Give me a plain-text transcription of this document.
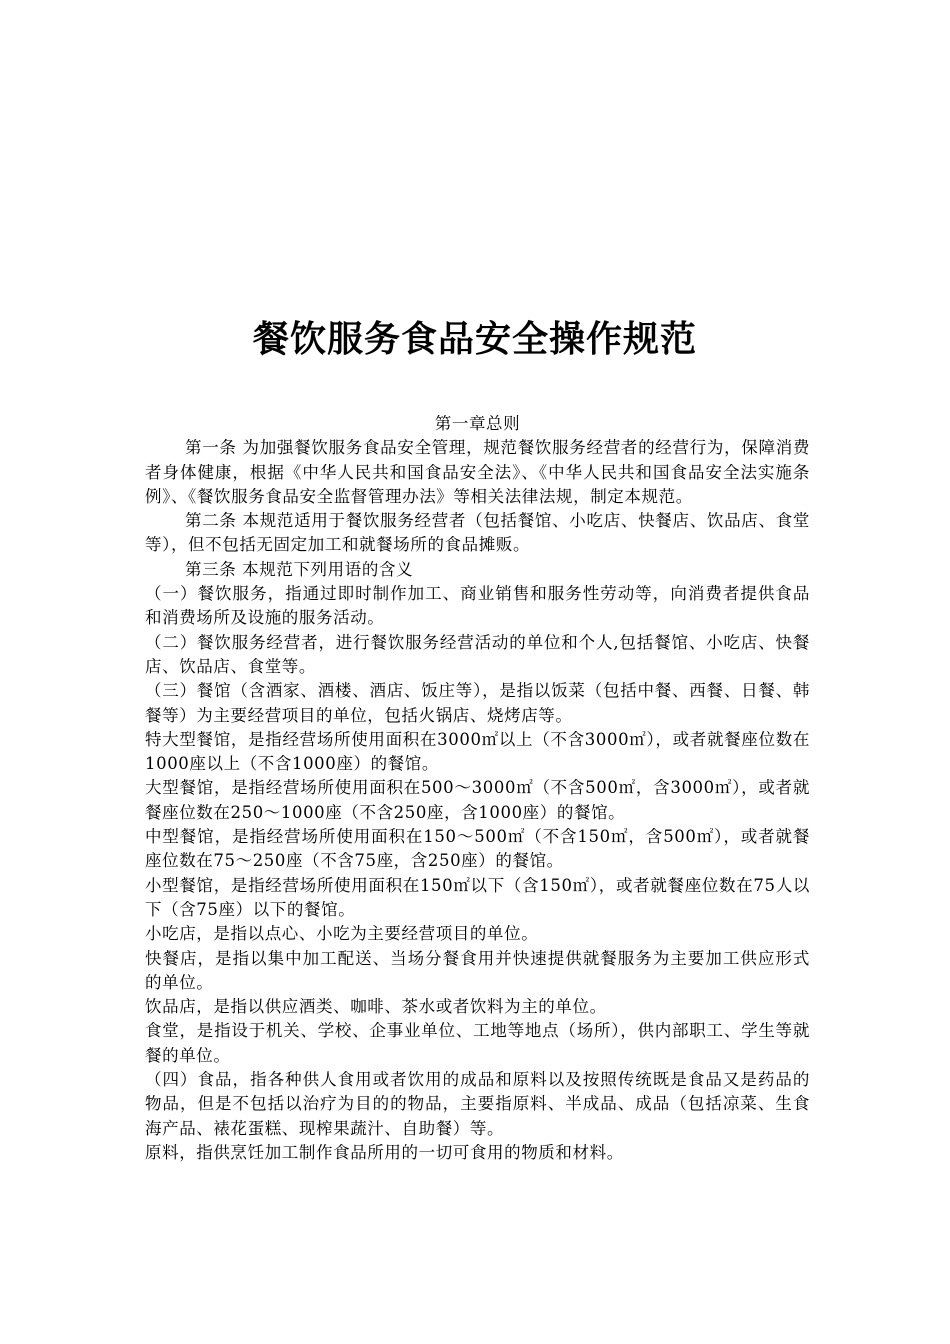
餐饮服务食品安全操作规范

第一章总则

第一条 为加强餐饮服务食品安全管理，规范餐饮服务经营者的经营行为，保障消费者身体健康，根据《中华人民共和国食品安全法》、《中华人民共和国食品安全法实施条例》、《餐饮服务食品安全监督管理办法》等相关法律法规，制定本规范。

第二条 本规范适用于餐饮服务经营者（包括餐馆、小吃店、快餐店、饮品店、食堂等），但不包括无固定加工和就餐场所的食品摊贩。

第三条 本规范下列用语的含义

（一）餐饮服务，指通过即时制作加工、商业销售和服务性劳动等，向消费者提供食品和消费场所及设施的服务活动。

（二）餐饮服务经营者，进行餐饮服务经营活动的单位和个人,包括餐馆、小吃店、快餐店、饮品店、食堂等。

（三）餐馆（含酒家、酒楼、酒店、饭庄等），是指以饭菜（包括中餐、西餐、日餐、韩餐等）为主要经营项目的单位，包括火锅店、烧烤店等。

特大型餐馆，是指经营场所使用面积在3000㎡以上（不含3000㎡），或者就餐座位数在1000座以上（不含1000座）的餐馆。

大型餐馆，是指经营场所使用面积在500～3000㎡（不含500㎡，含3000㎡），或者就餐座位数在250～1000座（不含250座，含1000座）的餐馆。

中型餐馆，是指经营场所使用面积在150～500㎡（不含150㎡，含500㎡），或者就餐座位数在75～250座（不含75座，含250座）的餐馆。

小型餐馆，是指经营场所使用面积在150㎡以下（含150㎡），或者就餐座位数在75人以下（含75座）以下的餐馆。

小吃店，是指以点心、小吃为主要经营项目的单位。

快餐店，是指以集中加工配送、当场分餐食用并快速提供就餐服务为主要加工供应形式的单位。

饮品店，是指以供应酒类、咖啡、茶水或者饮料为主的单位。

食堂，是指设于机关、学校、企事业单位、工地等地点（场所），供内部职工、学生等就餐的单位。

（四）食品，指各种供人食用或者饮用的成品和原料以及按照传统既是食品又是药品的物品，但是不包括以治疗为目的的物品，主要指原料、半成品、成品（包括凉菜、生食海产品、裱花蛋糕、现榨果蔬汁、自助餐）等。

原料，指供烹饪加工制作食品所用的一切可食用的物质和材料。
